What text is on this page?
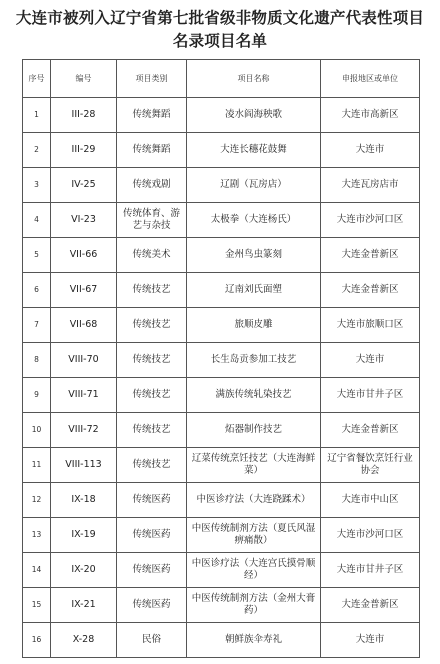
大连市被列入辽宁省第七批省级非物质文化遗产代表性项目
名录项目名单
序号	编号	项目类别	项目名称	申报地区或单位
1	III-28	传统舞蹈	凌水阎海秧歌	大连市高新区
2	III-29	传统舞蹈	大连长穗花鼓舞	大连市
3	IV-25	传统戏剧	辽剧（瓦房店）	大连瓦房店市
4	VI-23	传统体育、游艺与杂技	太极拳（大连杨氏）	大连市沙河口区
5	VII-66	传统美术	金州鸟虫篆刻	大连金普新区
6	VII-67	传统技艺	辽南刘氏面塑	大连金普新区
7	VII-68	传统技艺	旅顺皮雕	大连市旅顺口区
8	VIII-70	传统技艺	长生岛贡参加工技艺	大连市
9	VIII-71	传统技艺	满族传统轧染技艺	大连市甘井子区
10	VIII-72	传统技艺	炻器制作技艺	大连金普新区
11	VIII-113	传统技艺	辽菜传统烹饪技艺（大连海鲜菜）	辽宁省餐饮烹饪行业协会
12	IX-18	传统医药	中医诊疗法（大连跷蹂术）	大连市中山区
13	IX-19	传统医药	中医传统制剂方法（夏氏风湿痹痛散）	大连市沙河口区
14	IX-20	传统医药	中医诊疗法（大连宫氏摸骨顺经）	大连市甘井子区
15	IX-21	传统医药	中医传统制剂方法（金州大膏药）	大连金普新区
16	X-28	民俗	朝鲜族伞寿礼	大连市
